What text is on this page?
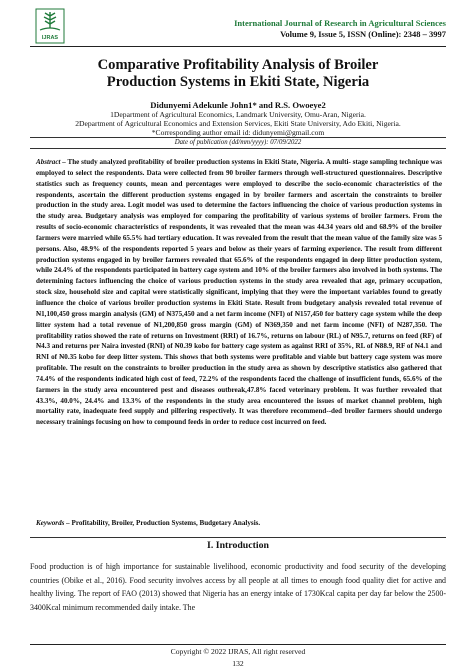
IJRAS
International Journal of Research in Agricultural Sciences
Volume 9, Issue 5, ISSN (Online): 2348 – 3997
Comparative Profitability Analysis of Broiler
Production Systems in Ekiti State, Nigeria
Didunyemi Adekunle John1* and R.S. Owoeye2
1Department of Agricultural Economics, Landmark University, Omu-Aran, Nigeria.
2Department of Agricultural Economics and Extension Services, Ekiti State University, Ado Ekiti, Nigeria.
*Corresponding author email id: didunyemi@gmail.com
Date of publication (dd/mm/yyyy): 07/09/2022
Abstract – The study analyzed profitability of broiler production systems in Ekiti State, Nigeria. A multi- stage sampling technique was employed to select the respondents. Data were collected from 90 broiler farmers through well-structured questionnaires. Descriptive statistics such as frequency counts, mean and percentages were employed to describe the socio-economic characteristics of the respondents, ascertain the different production systems engaged in by broiler farmers and ascertain the constraints to broiler production in the study area. Logit model was used to determine the factors influencing the choice of various production systems in the study area. Budgetary analysis was employed for comparing the profitability of various systems of broiler farmers. From the results of socio-economic characteristics of respondents, it was revealed that the mean was 44.34 years old and 68.9% of the broiler farmers were married while 65.5% had tertiary education. It was revealed from the result that the mean value of the family size was 5 persons. Also, 48.9% of the respondents reported 5 years and below as their years of farming experience. The result from different production systems engaged in by broiler farmers revealed that 65.6% of the respondents engaged in deep litter production system, while 24.4% of the respondents participated in battery cage system and 10% of the broiler farmers also involved in both systems. The determining factors influencing the choice of various production systems in the study area revealed that age, primary occupation, stock size, household size and capital were statistically significant, implying that they were the important variables found to greatly influence the choice of various broiler production systems in Ekiti State. Result from budgetary analysis revealed total revenue of ₦1,100,450 gross margin analysis (GM) of ₦375,450 and a net farm income (NFI) of ₦157,450 for battery cage system while the deep litter system had a total revenue of ₦1,200,850 gross margin (GM) of ₦369,350 and net farm income (NFI) of ₦287,350. The profitability ratios showed the rate of returns on Investment (RRI) of 16.7%, returns on labour (RL) of ₦95.7, returns on feed (RF) of ₦4.3 and returns per Naira invested (RNI) of ₦0.39 kobo for battery cage system as against RRI of 35%, RL of ₦88.9, RF of ₦4.1 and RNI of ₦0.35 kobo for deep litter system. This shows that both systems were profitable and viable but battery cage system was more profitable. The result on the constraints to broiler production in the study area as shown by descriptive statistics also gathered that 74.4% of the respondents indicated high cost of feed, 72.2% of the respondents faced the challenge of insufficient funds, 65.6% of the farmers in the study area encountered pest and diseases outbreak,47.8% faced veterinary problem. It was further revealed that 43.3%, 40.0%, 24.4% and 13.3% of the respondents in the study area encountered the issues of market channel problem, high mortality rate, inadequate feed supply and pilfering respectively. It was therefore recommend--ded broiler farmers should undergo necessary trainings focusing on how to compound feeds in order to reduce cost incurred on feed.
Keywords – Profitability, Broiler, Production Systems, Budgetary Analysis.
I. Introduction
Food production is of high importance for sustainable livelihood, economic productivity and food security of the developing countries (Obike et al., 2016). Food security involves access by all people at all times to enough food quality diet for active and healthy living. The report of FAO (2013) showed that Nigeria has an energy intake of 1730Kcal capita per day far below the 2500-3400Kcal minimum recommended daily intake. The
Copyright © 2022 IJRAS, All right reserved
132
